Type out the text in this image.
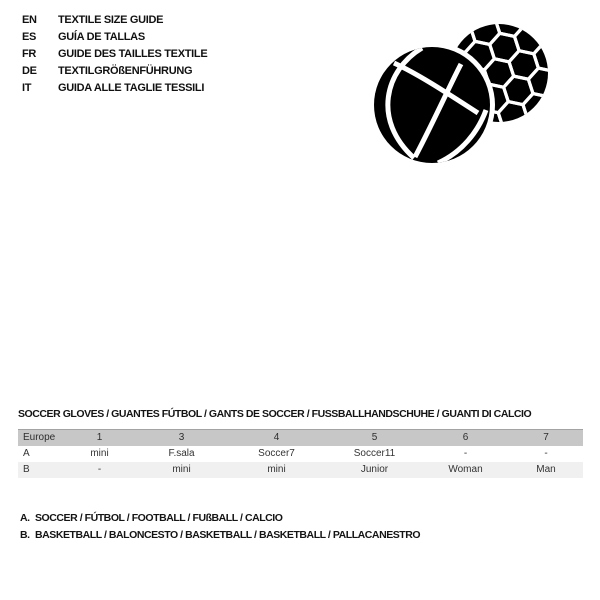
EN	TEXTILE SIZE GUIDE
ES	GUÍA DE TALLAS
FR	GUIDE DES TAILLES TEXTILE
DE	TEXTILGRÖßENFÜHRUNG
IT	GUIDA ALLE TAGLIE TESSILI
SOCCER GLOVES / GUANTES FÚTBOL / GANTS DE SOCCER / FUSSBALLHANDSCHUHE / GUANTI DI CALCIO
Europe	1	3	4	5	6	7
A	mini	F.sala	Soccer7	Soccer11	-	-
B	-	mini	mini	Junior	Woman	Man
A. SOCCER / FÚTBOL / FOOTBALL / FUßBALL / CALCIO
B. BASKETBALL / BALONCESTO / BASKETBALL / BASKETBALL / PALLACANESTRO
